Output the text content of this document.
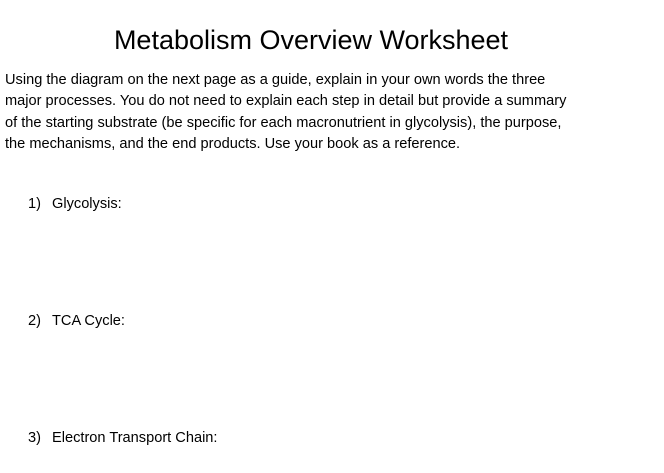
Metabolism Overview Worksheet
Using the diagram on the next page as a guide, explain in your own words the three
major processes. You do not need to explain each step in detail but provide a summary
of the starting substrate (be specific for each macronutrient in glycolysis), the purpose,
the mechanisms, and the end products. Use your book as a reference.
1) Glycolysis:
2) TCA Cycle:
3) Electron Transport Chain:
